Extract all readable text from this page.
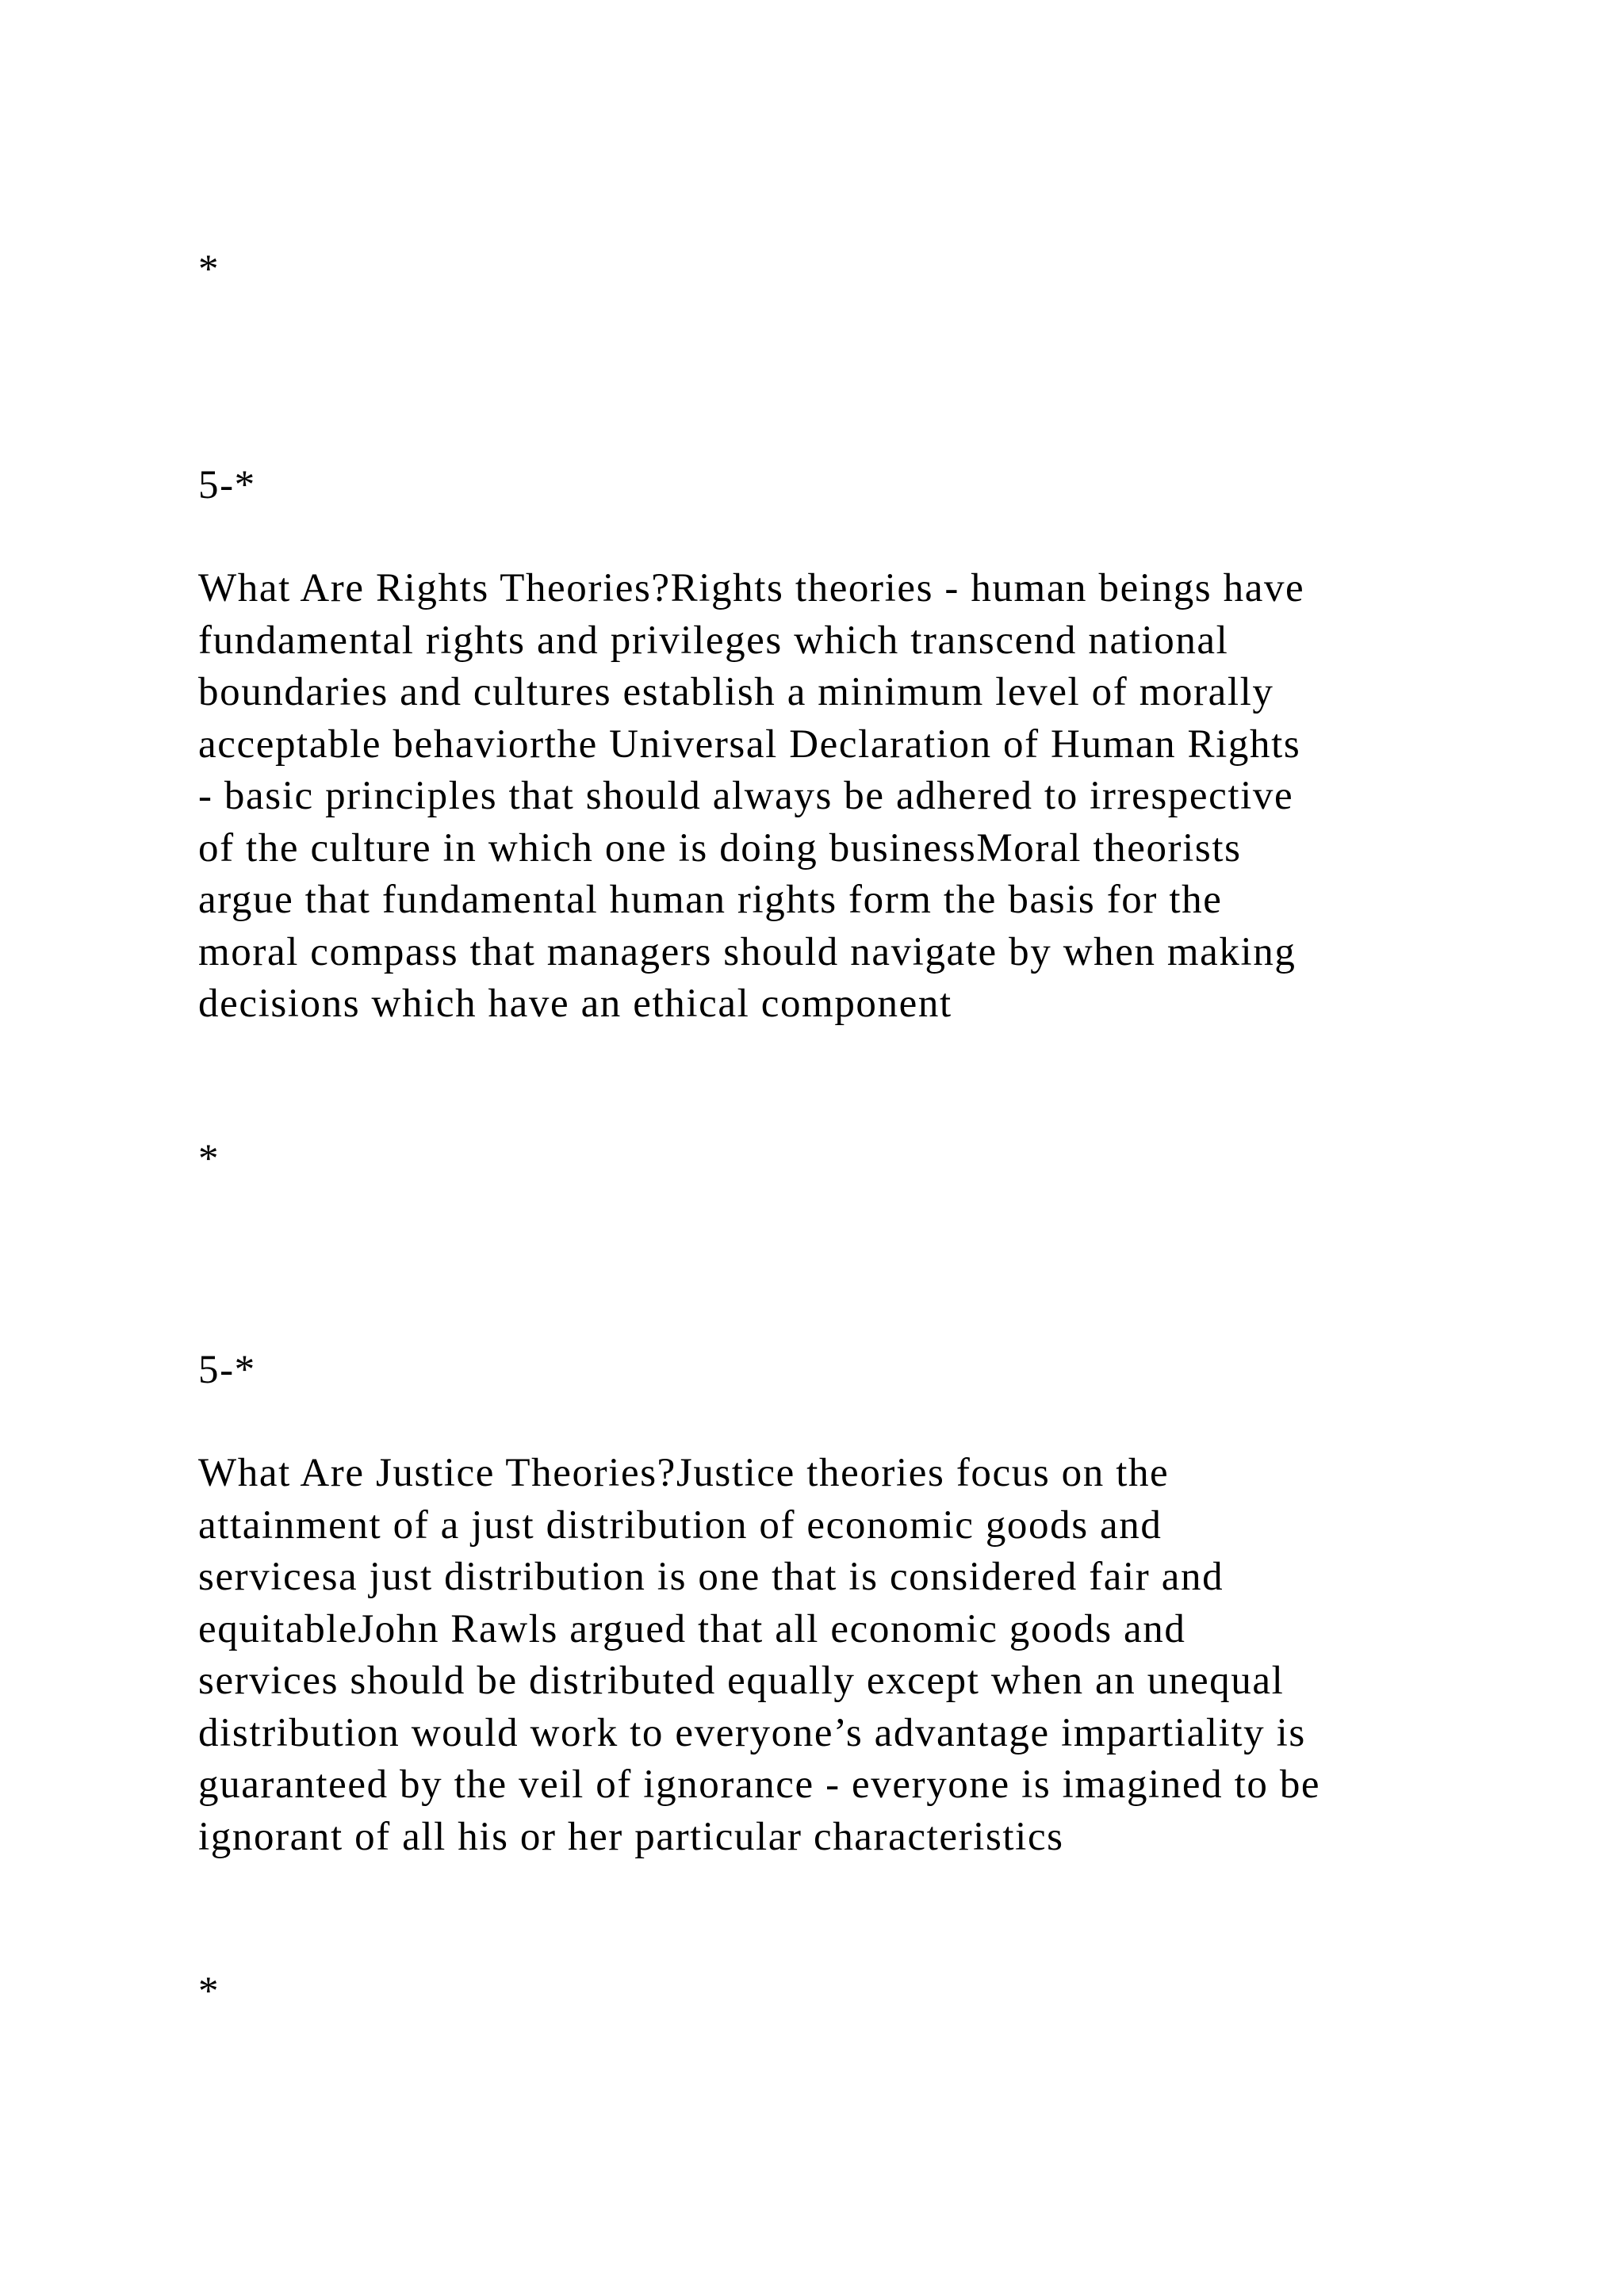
*

5-*

What Are Rights Theories?Rights theories - human beings have
fundamental rights and privileges which transcend national
boundaries and cultures establish a minimum level of morally
acceptable behaviorthe Universal Declaration of Human Rights
- basic principles that should always be adhered to irrespective
of the culture in which one is doing businessMoral theorists
argue that fundamental human rights form the basis for the
moral compass that managers should navigate by when making
decisions which have an ethical component

*

5-*

What Are Justice Theories?Justice theories focus on the
attainment of a just distribution of economic goods and
servicesa just distribution is one that is considered fair and
equitableJohn Rawls argued that all economic goods and
services should be distributed equally except when an unequal
distribution would work to everyone’s advantage impartiality is
guaranteed by the veil of ignorance - everyone is imagined to be
ignorant of all his or her particular characteristics

*
